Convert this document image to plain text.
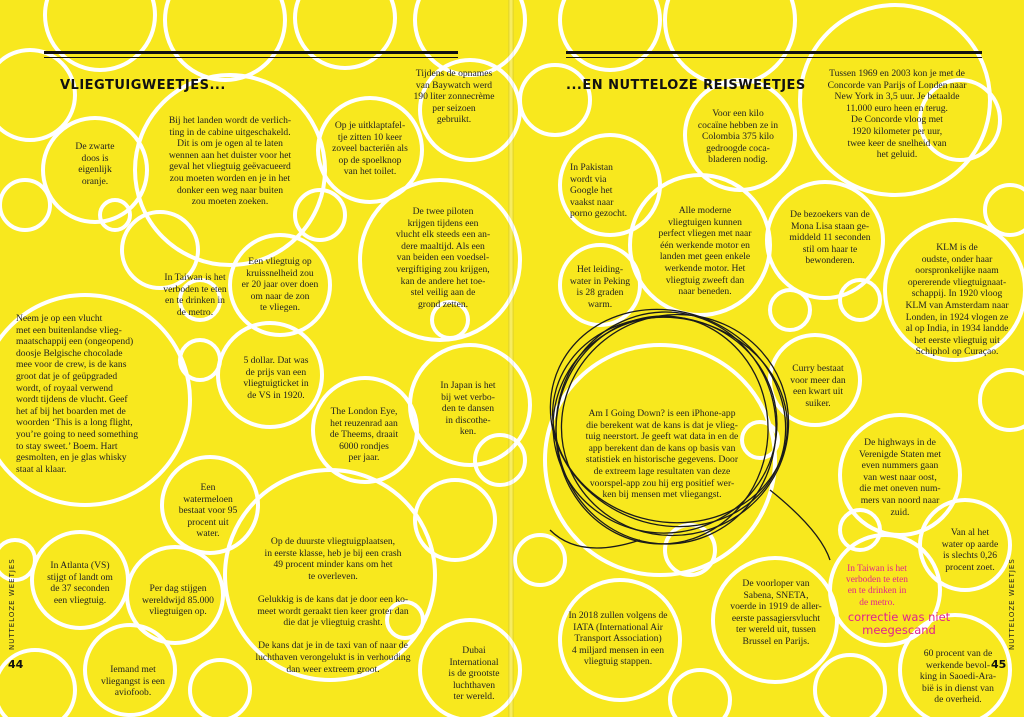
VLIEGTUIGWEETJES...
De zwarte
doos is
eigenlijk
oranje.
Bij het landen wordt de verlich-
ting in de cabine uitgeschakeld.
Dit is om je ogen al te laten
wennen aan het duister voor het
geval het vliegtuig geëvacueerd
zou moeten worden en je in het
donker een weg naar buiten
zou moeten zoeken.
Op je uitklaptafel-
tje zitten 10 keer
zoveel bacteriën als
op de spoelknop
van het toilet.
Tijdens de opnames
van Baywatch werd
190 liter zonnecrème
per seizoen
gebruikt.
Een vliegtuig op
kruissnelheid zou
er 20 jaar over doen
om naar de zon
te vliegen.
In Taiwan is het
verboden te eten
en te drinken in
de metro.
De twee piloten
krijgen tijdens een
vlucht elk steeds een an-
dere maaltijd. Als een
van beiden een voedsel-
vergiftiging zou krijgen,
kan de andere het toe-
stel veilig aan de
grond zetten.
Neem je op een vlucht
met een buitenlandse vlieg-
maatschappij een (ongeopend)
doosje Belgische chocolade
mee voor de crew, is de kans
groot dat je of geüpgraded
wordt, of royaal verwend
wordt tijdens de vlucht. Geef
het af bij het boarden met de
woorden ‘This is a long flight,
you’re going to need something
to stay sweet.’ Boem. Hart
gesmolten, en je glas whisky
staat al klaar.
5 dollar. Dat was
de prijs van een
vliegtuigticket in
de VS in 1920.
The London Eye,
het reuzenrad aan
de Theems, draait
6000 rondjes
per jaar.
In Japan is het
bij wet verbo-
den te dansen
in discothe-
ken.
Een
watermeloen
bestaat voor 95
procent uit
water.
Op de duurste vliegtuigplaatsen,
in eerste klasse, heb je bij een crash
49 procent minder kans om het
te overleven.

Gelukkig is de kans dat je door een ko-
meet wordt geraakt tien keer groter dan
die dat je vliegtuig crasht.

De kans dat je in de taxi van of naar de
luchthaven verongelukt is in verhouding
dan weer extreem groot.
In Atlanta (VS)
stijgt of landt om
de 37 seconden
een vliegtuig.
Per dag stijgen
wereldwijd 85.000
vliegtuigen op.
Iemand met
vliegangst is een
aviofoob.
Dubai
International
is de grootste
luchthaven
ter wereld.
NUTTELOZE WEETJES
44
...EN NUTTELOZE REISWEETJES
Voor een kilo
cocaïne hebben ze in
Colombia 375 kilo
gedroogde coca-
bladeren nodig.
Tussen 1969 en 2003 kon je met de
Concorde van Parijs of Londen naar
New York in 3,5 uur. Je betaalde
11.000 euro heen en terug.
De Concorde vloog met
1920 kilometer per uur,
twee keer de snelheid van
het geluid.
In Pakistan
wordt via
Google het
vaakst naar
porno gezocht.	Alle moderne
vliegtuigen kunnen
perfect vliegen met naar
één werkende motor en
landen met geen enkele
werkende motor. Het
vliegtuig zweeft dan
naar beneden.
De bezoekers van de
Mona Lisa staan ge-
middeld 11 seconden
stil om haar te
bewonderen.
KLM is de
oudste, onder haar
oorspronkelijke naam
opererende vliegtuignaat-
schappij. In 1920 vloog
KLM van Amsterdam naar
Londen, in 1924 vlogen ze
al op India, in 1934 landde
het eerste vliegtuig uit
Schiphol op Curaçao.
Het leiding-
water in Peking
is 28 graden
warm.
Am I Going Down? is een iPhone-app
die berekent wat de kans is dat je vlieg-
tuig neerstort. Je geeft wat data in en de
app berekent dan de kans op basis van
statistiek en historische gegevens. Door
de extreem lage resultaten van deze
voorspel-app zou hij erg positief wer-
ken bij mensen met vliegangst.
Curry bestaat
voor meer dan
een kwart uit
suiker.
De highways in de
Verenigde Staten met
even nummers gaan
van west naar oost,
die met oneven num-
mers van noord naar
zuid.
Van al het
water op aarde
is slechts 0,26
procent zoet.
In 2018 zullen volgens de
IATA (International Air
Transport Association)
4 miljard mensen in een
vliegtuig stappen.
De voorloper van
Sabena, SNETA,
voerde in 1919 de aller-
eerste passagiersvlucht
ter wereld uit, tussen
Brussel en Parijs.
60 procent van de
werkende bevol-
king in Saoedi-Ara-
bië is in dienst van
de overheid.
In Taiwan is het
verboden te eten
en te drinken in
de metro.
correctie was niet
meegescand	NUTTELOZE WEETJES
45
